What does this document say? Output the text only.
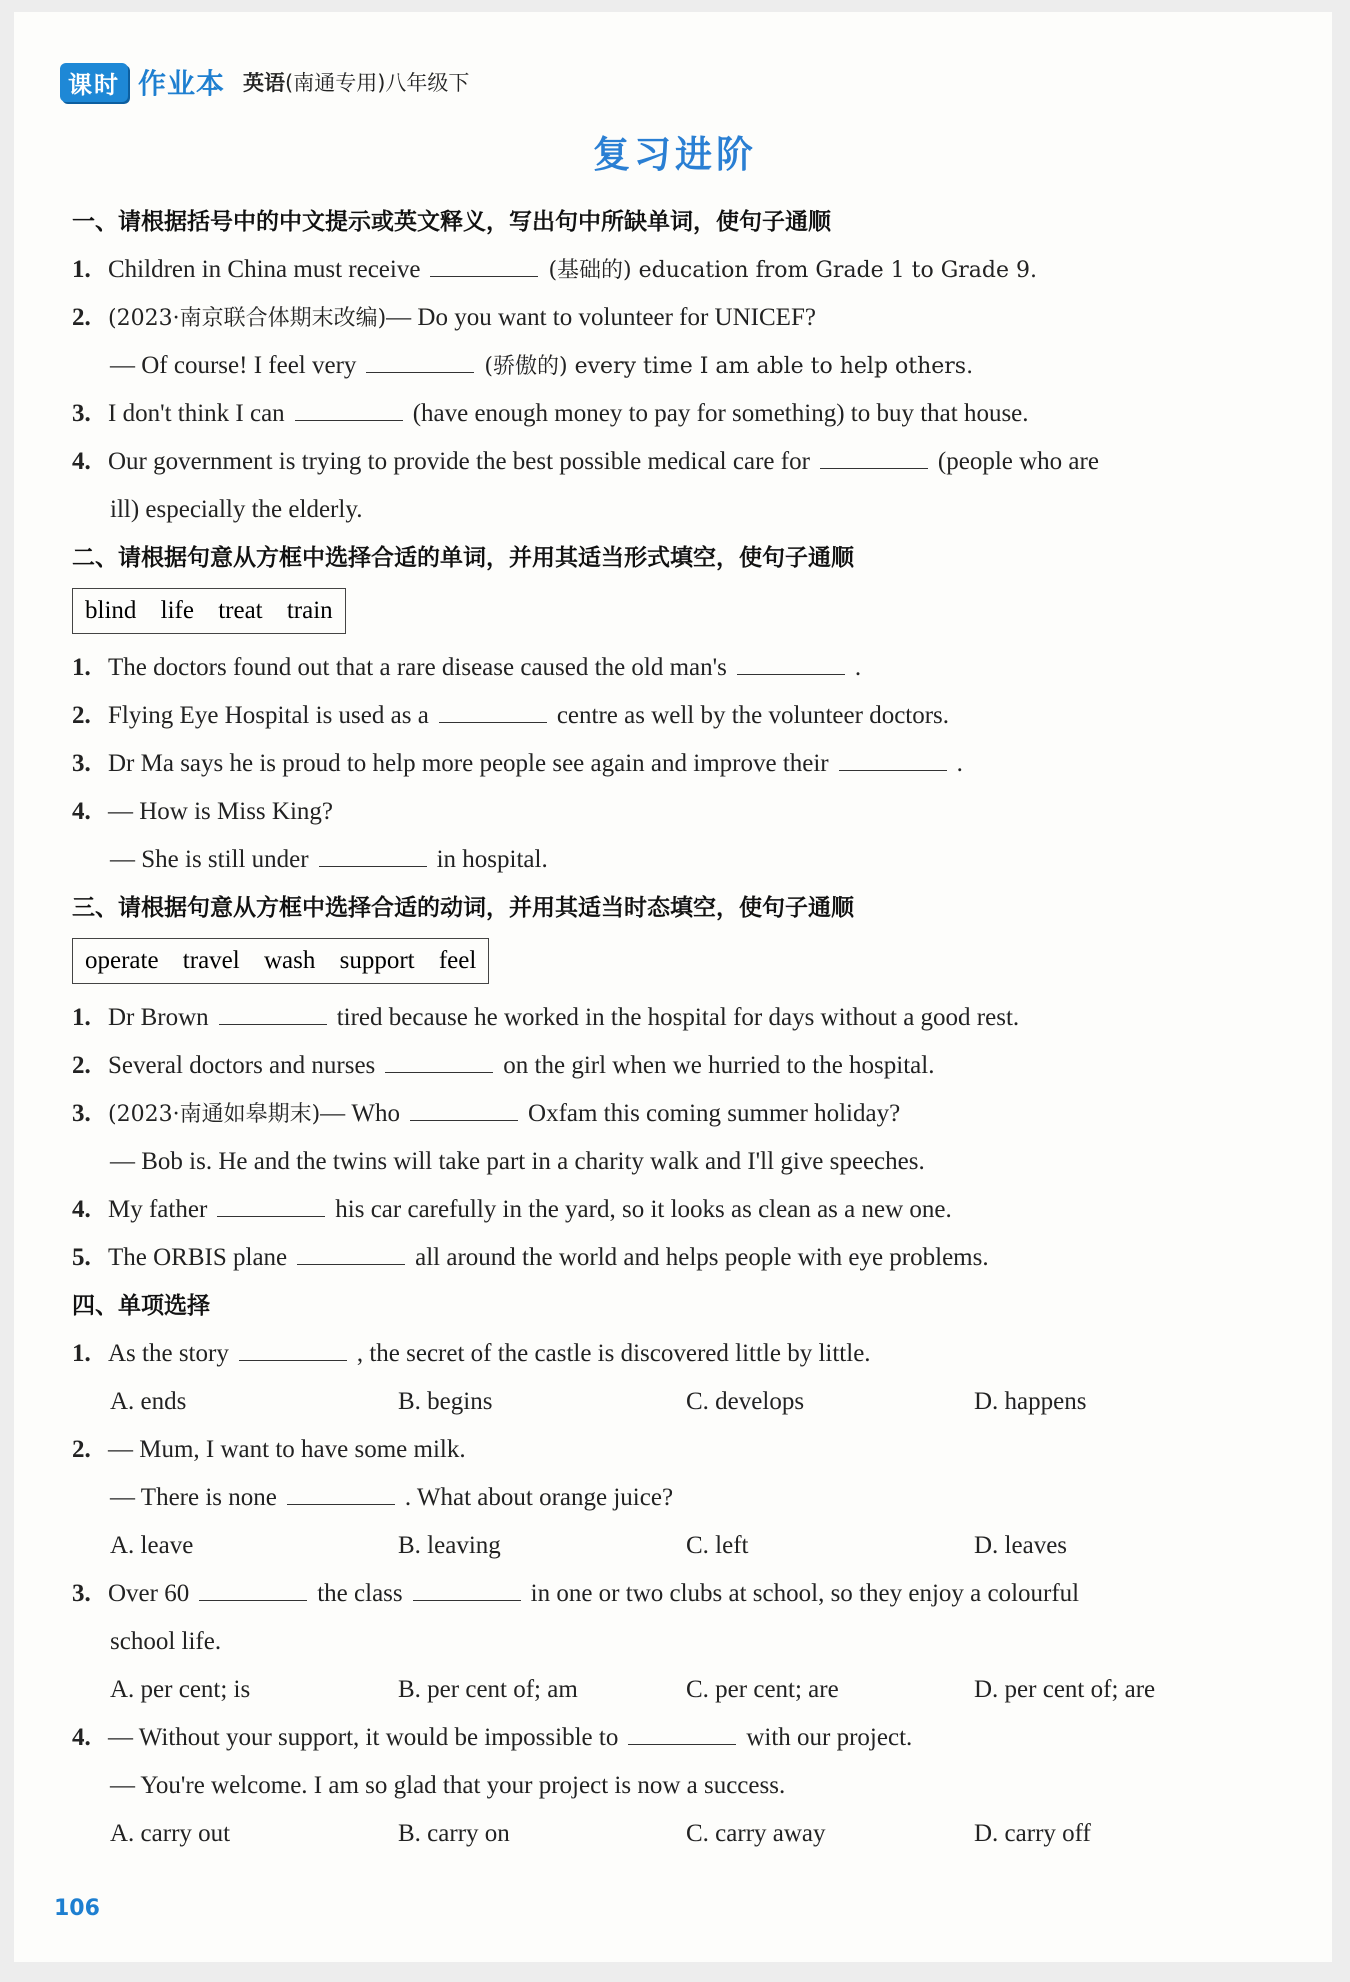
课时 作业本 英语(南通专用)八年级下
复习进阶
一、请根据括号中的中文提示或英文释义，写出句中所缺单词，使句子通顺
1. Children in China must receive	(基础的) education from Grade 1 to Grade 9.
2. (2023·南京联合体期末改编)— Do you want to volunteer for UNICEF?
— Of course! I feel very	(骄傲的) every time I am able to help others.
3. I don't think I can	(have enough money to pay for something) to buy that house.
4. Our government is trying to provide the best possible medical care for	(people who are
ill) especially the elderly.
二、请根据句意从方框中选择合适的单词，并用其适当形式填空，使句子通顺
blind life treat train
1. The doctors found out that a rare disease caused the old man's	.
2. Flying Eye Hospital is used as a	centre as well by the volunteer doctors.
3. Dr Ma says he is proud to help more people see again and improve their	.
4. — How is Miss King?
— She is still under	in hospital.
三、请根据句意从方框中选择合适的动词，并用其适当时态填空，使句子通顺
operate travel wash support feel
1. Dr Brown	tired because he worked in the hospital for days without a good rest.
2. Several doctors and nurses	on the girl when we hurried to the hospital.
3. (2023·南通如皋期末)— Who	Oxfam this coming summer holiday?
— Bob is. He and the twins will take part in a charity walk and I'll give speeches.
4. My father	his car carefully in the yard, so it looks as clean as a new one.
5. The ORBIS plane	all around the world and helps people with eye problems.
四、单项选择
1. As the story	, the secret of the castle is discovered little by little.
A. ends	B. begins	C. develops	D. happens
2. — Mum, I want to have some milk.
— There is none	. What about orange juice?
A. leave	B. leaving	C. left	D. leaves
3. Over 60	the class	in one or two clubs at school, so they enjoy a colourful
school life.
A. per cent; is	B. per cent of; am	C. per cent; are	D. per cent of; are
4. — Without your support, it would be impossible to	with our project.
— You're welcome. I am so glad that your project is now a success.
A. carry out	B. carry on	C. carry away	D. carry off
106
